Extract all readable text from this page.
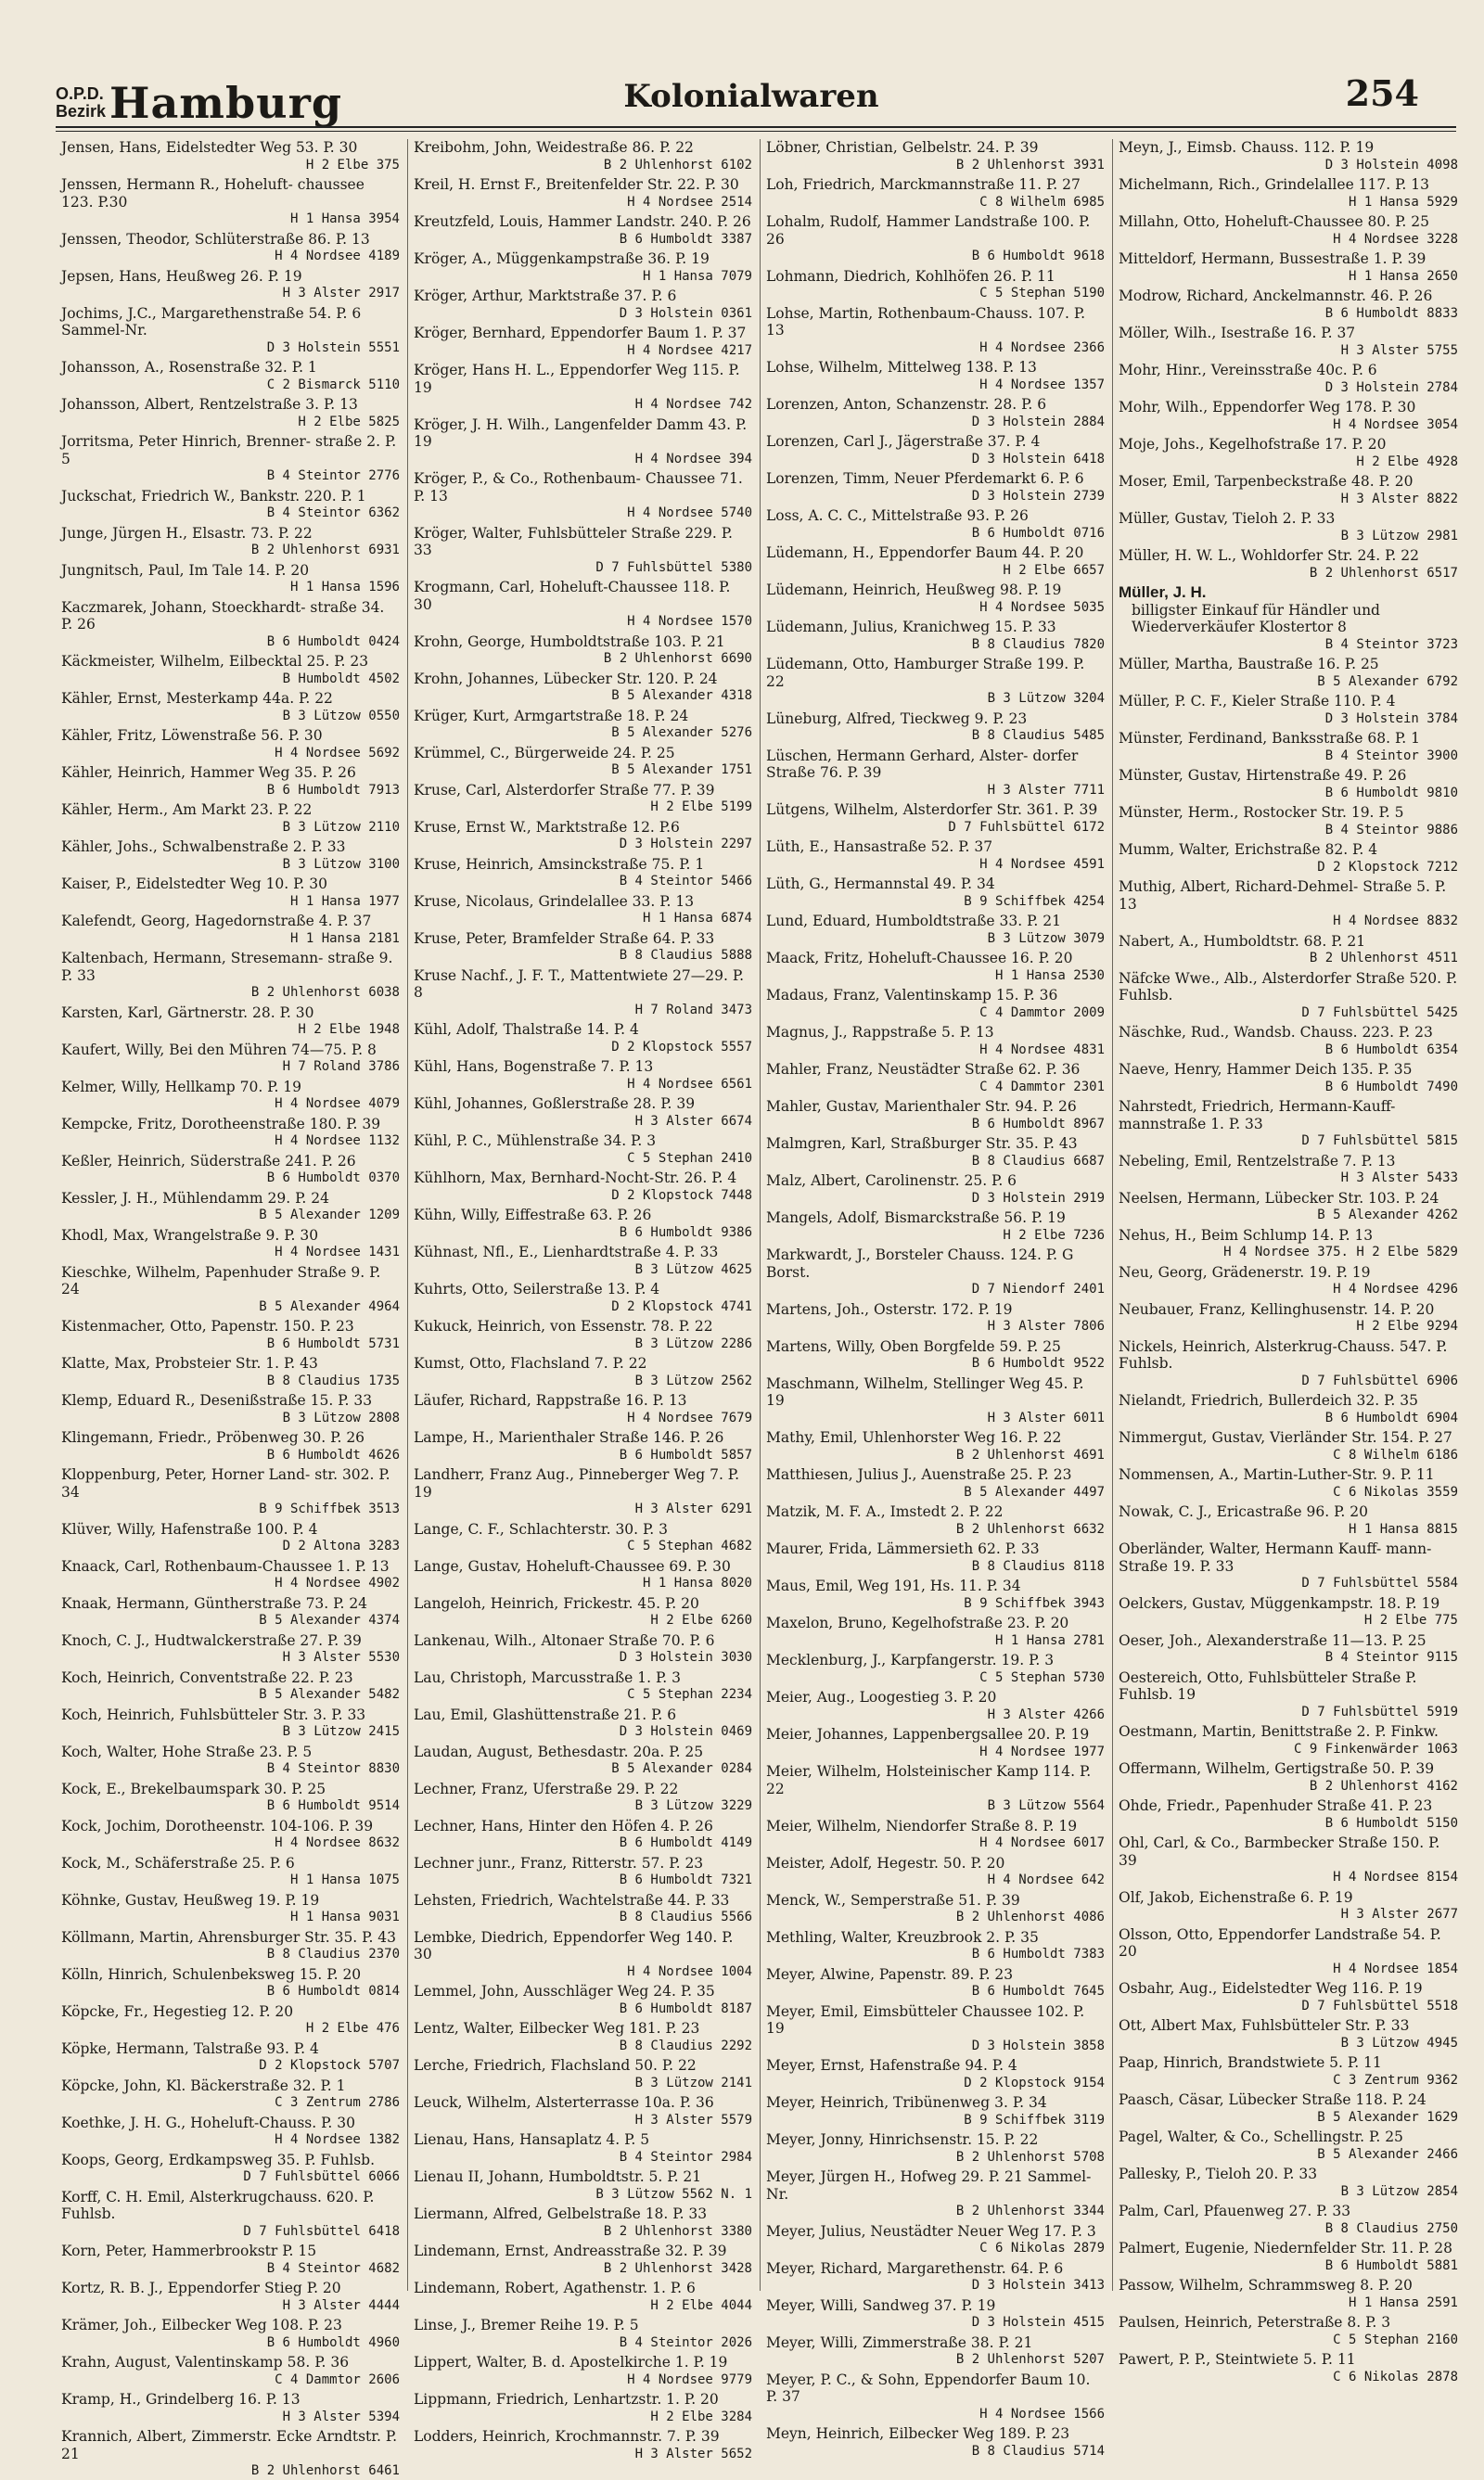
O.P.D.
Bezirk Hamburg	Kolonialwaren	254
Jensen, Hans, Eidelstedter Weg 53. P. 30
H 2 Elbe 375
Jenssen, Hermann R., Hoheluft- chaussee 123. P.30
H 1 Hansa 3954
Jenssen, Theodor, Schlüterstraße 86. P. 13
H 4 Nordsee 4189
Jepsen, Hans, Heußweg 26. P. 19
H 3 Alster 2917
Jochims, J.C., Margarethenstraße 54. P. 6 Sammel-Nr.
D 3 Holstein 5551
Johansson, A., Rosenstraße 32. P. 1
C 2 Bismarck 5110
Johansson, Albert, Rentzelstraße 3. P. 13
H 2 Elbe 5825
Jorritsma, Peter Hinrich, Brenner- straße 2. P. 5
B 4 Steintor 2776
Juckschat, Friedrich W., Bankstr. 220. P. 1
B 4 Steintor 6362
Junge, Jürgen H., Elsastr. 73. P. 22
B 2 Uhlenhorst 6931
Jungnitsch, Paul, Im Tale 14. P. 20
H 1 Hansa 1596
Kaczmarek, Johann, Stoeckhardt- straße 34. P. 26
B 6 Humboldt 0424
Käckmeister, Wilhelm, Eilbecktal 25. P. 23
B Humboldt 4502
Kähler, Ernst, Mesterkamp 44a. P. 22
B 3 Lützow 0550
Kähler, Fritz, Löwenstraße 56. P. 30
H 4 Nordsee 5692
Kähler, Heinrich, Hammer Weg 35. P. 26
B 6 Humboldt 7913
Kähler, Herm., Am Markt 23. P. 22
B 3 Lützow 2110
Kähler, Johs., Schwalbenstraße 2. P. 33
B 3 Lützow 3100
Kaiser, P., Eidelstedter Weg 10. P. 30
H 1 Hansa 1977
Kalefendt, Georg, Hagedornstraße 4. P. 37
H 1 Hansa 2181
Kaltenbach, Hermann, Stresemann- straße 9. P. 33
B 2 Uhlenhorst 6038
Karsten, Karl, Gärtnerstr. 28. P. 30
H 2 Elbe 1948
Kaufert, Willy, Bei den Mühren 74—75. P. 8
H 7 Roland 3786
Kelmer, Willy, Hellkamp 70. P. 19
H 4 Nordsee 4079
Kempcke, Fritz, Dorotheenstraße 180. P. 39
H 4 Nordsee 1132
Keßler, Heinrich, Süderstraße 241. P. 26
B 6 Humboldt 0370
Kessler, J. H., Mühlendamm 29. P. 24
B 5 Alexander 1209
Khodl, Max, Wrangelstraße 9. P. 30
H 4 Nordsee 1431
Kieschke, Wilhelm, Papenhuder Straße 9. P. 24
B 5 Alexander 4964
Kistenmacher, Otto, Papenstr. 150. P. 23
B 6 Humboldt 5731
Klatte, Max, Probsteier Str. 1. P. 43
B 8 Claudius 1735
Klemp, Eduard R., Desenißstraße 15. P. 33
B 3 Lützow 2808
Klingemann, Friedr., Pröbenweg 30. P. 26
B 6 Humboldt 4626
Kloppenburg, Peter, Horner Land- str. 302. P. 34
B 9 Schiffbek 3513
Klüver, Willy, Hafenstraße 100. P. 4
D 2 Altona 3283
Knaack, Carl, Rothenbaum-Chaussee 1. P. 13
H 4 Nordsee 4902
Knaak, Hermann, Güntherstraße 73. P. 24
B 5 Alexander 4374
Knoch, C. J., Hudtwalckerstraße 27. P. 39
H 3 Alster 5530
Koch, Heinrich, Conventstraße 22. P. 23
B 5 Alexander 5482
Koch, Heinrich, Fuhlsbütteler Str. 3. P. 33
B 3 Lützow 2415
Koch, Walter, Hohe Straße 23. P. 5
B 4 Steintor 8830
Kock, E., Brekelbaumspark 30. P. 25
B 6 Humboldt 9514
Kock, Jochim, Dorotheenstr. 104-106. P. 39
H 4 Nordsee 8632
Kock, M., Schäferstraße 25. P. 6
H 1 Hansa 1075
Köhnke, Gustav, Heußweg 19. P. 19
H 1 Hansa 9031
Köllmann, Martin, Ahrensburger Str. 35. P. 43
B 8 Claudius 2370
Kölln, Hinrich, Schulenbeksweg 15. P. 20
B 6 Humboldt 0814
Köpcke, Fr., Hegestieg 12. P. 20
H 2 Elbe 476
Köpke, Hermann, Talstraße 93. P. 4
D 2 Klopstock 5707
Köpcke, John, Kl. Bäckerstraße 32. P. 1
C 3 Zentrum 2786
Koethke, J. H. G., Hoheluft-Chauss. P. 30
H 4 Nordsee 1382
Koops, Georg, Erdkampsweg 35. P. Fuhlsb.
D 7 Fuhlsbüttel 6066
Korff, C. H. Emil, Alsterkrugchauss. 620. P. Fuhlsb.
D 7 Fuhlsbüttel 6418
Korn, Peter, Hammerbrookstr P. 15
B 4 Steintor 4682
Kortz, R. B. J., Eppendorfer Stieg P. 20
H 3 Alster 4444
Krämer, Joh., Eilbecker Weg 108. P. 23
B 6 Humboldt 4960
Krahn, August, Valentinskamp 58. P. 36
C 4 Dammtor 2606
Kramp, H., Grindelberg 16. P. 13
H 3 Alster 5394
Krannich, Albert, Zimmerstr. Ecke Arndtstr. P. 21
B 2 Uhlenhorst 6461
Kreibohm, John, Weidestraße 86. P. 22
B 2 Uhlenhorst 6102
Kreil, H. Ernst F., Breitenfelder Str. 22. P. 30
H 4 Nordsee 2514
Kreutzfeld, Louis, Hammer Landstr. 240. P. 26
B 6 Humboldt 3387
Kröger, A., Müggenkampstraße 36. P. 19
H 1 Hansa 7079
Kröger, Arthur, Marktstraße 37. P. 6
D 3 Holstein 0361
Kröger, Bernhard, Eppendorfer Baum 1. P. 37
H 4 Nordsee 4217
Kröger, Hans H. L., Eppendorfer Weg 115. P. 19
H 4 Nordsee 742
Kröger, J. H. Wilh., Langenfelder Damm 43. P. 19
H 4 Nordsee 394
Kröger, P., & Co., Rothenbaum- Chaussee 71. P. 13
H 4 Nordsee 5740
Kröger, Walter, Fuhlsbütteler Straße 229. P. 33
D 7 Fuhlsbüttel 5380
Krogmann, Carl, Hoheluft-Chaussee 118. P. 30
H 4 Nordsee 1570
Krohn, George, Humboldtstraße 103. P. 21
B 2 Uhlenhorst 6690
Krohn, Johannes, Lübecker Str. 120. P. 24
B 5 Alexander 4318
Krüger, Kurt, Armgartstraße 18. P. 24
B 5 Alexander 5276
Krümmel, C., Bürgerweide 24. P. 25
B 5 Alexander 1751
Kruse, Carl, Alsterdorfer Straße 77. P. 39
H 2 Elbe 5199
Kruse, Ernst W., Marktstraße 12. P.6
D 3 Holstein 2297
Kruse, Heinrich, Amsinckstraße 75. P. 1
B 4 Steintor 5466
Kruse, Nicolaus, Grindelallee 33. P. 13
H 1 Hansa 6874
Kruse, Peter, Bramfelder Straße 64. P. 33
B 8 Claudius 5888
Kruse Nachf., J. F. T., Mattentwiete 27—29. P. 8
H 7 Roland 3473
Kühl, Adolf, Thalstraße 14. P. 4
D 2 Klopstock 5557
Kühl, Hans, Bogenstraße 7. P. 13
H 4 Nordsee 6561
Kühl, Johannes, Goßlerstraße 28. P. 39
H 3 Alster 6674
Kühl, P. C., Mühlenstraße 34. P. 3
C 5 Stephan 2410
Kühlhorn, Max, Bernhard-Nocht-Str. 26. P. 4
D 2 Klopstock 7448
Kühn, Willy, Eiffestraße 63. P. 26
B 6 Humboldt 9386
Kühnast, Nfl., E., Lienhardtstraße 4. P. 33
B 3 Lützow 4625
Kuhrts, Otto, Seilerstraße 13. P. 4
D 2 Klopstock 4741
Kukuck, Heinrich, von Essenstr. 78. P. 22
B 3 Lützow 2286
Kumst, Otto, Flachsland 7. P. 22
B 3 Lützow 2562
Läufer, Richard, Rappstraße 16. P. 13
H 4 Nordsee 7679
Lampe, H., Marienthaler Straße 146. P. 26
B 6 Humboldt 5857
Landherr, Franz Aug., Pinneberger Weg 7. P. 19
H 3 Alster 6291
Lange, C. F., Schlachterstr. 30. P. 3
C 5 Stephan 4682
Lange, Gustav, Hoheluft-Chaussee 69. P. 30
H 1 Hansa 8020
Langeloh, Heinrich, Frickestr. 45. P. 20
H 2 Elbe 6260
Lankenau, Wilh., Altonaer Straße 70. P. 6
D 3 Holstein 3030
Lau, Christoph, Marcusstraße 1. P. 3
C 5 Stephan 2234
Lau, Emil, Glashüttenstraße 21. P. 6
D 3 Holstein 0469
Laudan, August, Bethesdastr. 20a. P. 25
B 5 Alexander 0284
Lechner, Franz, Uferstraße 29. P. 22
B 3 Lützow 3229
Lechner, Hans, Hinter den Höfen 4. P. 26
B 6 Humboldt 4149
Lechner junr., Franz, Ritterstr. 57. P. 23
B 6 Humboldt 7321
Lehsten, Friedrich, Wachtelstraße 44. P. 33
B 8 Claudius 5566
Lembke, Diedrich, Eppendorfer Weg 140. P. 30
H 4 Nordsee 1004
Lemmel, John, Ausschläger Weg 24. P. 35
B 6 Humboldt 8187
Lentz, Walter, Eilbecker Weg 181. P. 23
B 8 Claudius 2292
Lerche, Friedrich, Flachsland 50. P. 22
B 3 Lützow 2141
Leuck, Wilhelm, Alsterterrasse 10a. P. 36
H 3 Alster 5579
Lienau, Hans, Hansaplatz 4. P. 5
B 4 Steintor 2984
Lienau II, Johann, Humboldtstr. 5. P. 21
B 3 Lützow 5562 N. 1
Liermann, Alfred, Gelbelstraße 18. P. 33
B 2 Uhlenhorst 3380
Lindemann, Ernst, Andreasstraße 32. P. 39
B 2 Uhlenhorst 3428
Lindemann, Robert, Agathenstr. 1. P. 6
H 2 Elbe 4044
Linse, J., Bremer Reihe 19. P. 5
B 4 Steintor 2026
Lippert, Walter, B. d. Apostelkirche 1. P. 19
H 4 Nordsee 9779
Lippmann, Friedrich, Lenhartzstr. 1. P. 20
H 2 Elbe 3284
Lodders, Heinrich, Krochmannstr. 7. P. 39
H 3 Alster 5652
Löbner, Christian, Gelbelstr. 24. P. 39
B 2 Uhlenhorst 3931
Loh, Friedrich, Marckmannstraße 11. P. 27
C 8 Wilhelm 6985
Lohalm, Rudolf, Hammer Landstraße 100. P. 26
B 6 Humboldt 9618
Lohmann, Diedrich, Kohlhöfen 26. P. 11
C 5 Stephan 5190
Lohse, Martin, Rothenbaum-Chauss. 107. P. 13
H 4 Nordsee 2366
Lohse, Wilhelm, Mittelweg 138. P. 13
H 4 Nordsee 1357
Lorenzen, Anton, Schanzenstr. 28. P. 6
D 3 Holstein 2884
Lorenzen, Carl J., Jägerstraße 37. P. 4
D 3 Holstein 6418
Lorenzen, Timm, Neuer Pferdemarkt 6. P. 6
D 3 Holstein 2739
Loss, A. C. C., Mittelstraße 93. P. 26
B 6 Humboldt 0716
Lüdemann, H., Eppendorfer Baum 44. P. 20
H 2 Elbe 6657
Lüdemann, Heinrich, Heußweg 98. P. 19
H 4 Nordsee 5035
Lüdemann, Julius, Kranichweg 15. P. 33
B 8 Claudius 7820
Lüdemann, Otto, Hamburger Straße 199. P. 22
B 3 Lützow 3204
Lüneburg, Alfred, Tieckweg 9. P. 23
B 8 Claudius 5485
Lüschen, Hermann Gerhard, Alster- dorfer Straße 76. P. 39
H 3 Alster 7711
Lütgens, Wilhelm, Alsterdorfer Str. 361. P. 39
D 7 Fuhlsbüttel 6172
Lüth, E., Hansastraße 52. P. 37
H 4 Nordsee 4591
Lüth, G., Hermannstal 49. P. 34
B 9 Schiffbek 4254
Lund, Eduard, Humboldtstraße 33. P. 21
B 3 Lützow 3079
Maack, Fritz, Hoheluft-Chaussee 16. P. 20
H 1 Hansa 2530
Madaus, Franz, Valentinskamp 15. P. 36
C 4 Dammtor 2009
Magnus, J., Rappstraße 5. P. 13
H 4 Nordsee 4831
Mahler, Franz, Neustädter Straße 62. P. 36
C 4 Dammtor 2301
Mahler, Gustav, Marienthaler Str. 94. P. 26
B 6 Humboldt 8967
Malmgren, Karl, Straßburger Str. 35. P. 43
B 8 Claudius 6687
Malz, Albert, Carolinenstr. 25. P. 6
D 3 Holstein 2919
Mangels, Adolf, Bismarckstraße 56. P. 19
H 2 Elbe 7236
Markwardt, J., Borsteler Chauss. 124. P. G Borst.
D 7 Niendorf 2401
Martens, Joh., Osterstr. 172. P. 19
H 3 Alster 7806
Martens, Willy, Oben Borgfelde 59. P. 25
B 6 Humboldt 9522
Maschmann, Wilhelm, Stellinger Weg 45. P. 19
H 3 Alster 6011
Mathy, Emil, Uhlenhorster Weg 16. P. 22
B 2 Uhlenhorst 4691
Matthiesen, Julius J., Auenstraße 25. P. 23
B 5 Alexander 4497
Matzik, M. F. A., Imstedt 2. P. 22
B 2 Uhlenhorst 6632
Maurer, Frida, Lämmersieth 62. P. 33
B 8 Claudius 8118
Maus, Emil, Weg 191, Hs. 11. P. 34
B 9 Schiffbek 3943
Maxelon, Bruno, Kegelhofstraße 23. P. 20
H 1 Hansa 2781
Mecklenburg, J., Karpfangerstr. 19. P. 3
C 5 Stephan 5730
Meier, Aug., Loogestieg 3. P. 20
H 3 Alster 4266
Meier, Johannes, Lappenbergsallee 20. P. 19
H 4 Nordsee 1977
Meier, Wilhelm, Holsteinischer Kamp 114. P. 22
B 3 Lützow 5564
Meier, Wilhelm, Niendorfer Straße 8. P. 19
H 4 Nordsee 6017
Meister, Adolf, Hegestr. 50. P. 20
H 4 Nordsee 642
Menck, W., Semperstraße 51. P. 39
B 2 Uhlenhorst 4086
Methling, Walter, Kreuzbrook 2. P. 35
B 6 Humboldt 7383
Meyer, Alwine, Papenstr. 89. P. 23
B 6 Humboldt 7645
Meyer, Emil, Eimsbütteler Chaussee 102. P. 19
D 3 Holstein 3858
Meyer, Ernst, Hafenstraße 94. P. 4
D 2 Klopstock 9154
Meyer, Heinrich, Tribünenweg 3. P. 34
B 9 Schiffbek 3119
Meyer, Jonny, Hinrichsenstr. 15. P. 22
B 2 Uhlenhorst 5708
Meyer, Jürgen H., Hofweg 29. P. 21 Sammel-Nr.
B 2 Uhlenhorst 3344
Meyer, Julius, Neustädter Neuer Weg 17. P. 3
C 6 Nikolas 2879
Meyer, Richard, Margarethenstr. 64. P. 6
D 3 Holstein 3413
Meyer, Willi, Sandweg 37. P. 19
D 3 Holstein 4515
Meyer, Willi, Zimmerstraße 38. P. 21
B 2 Uhlenhorst 5207
Meyer, P. C., & Sohn, Eppendorfer Baum 10. P. 37
H 4 Nordsee 1566
Meyn, Heinrich, Eilbecker Weg 189. P. 23
B 8 Claudius 5714
Meyn, J., Eimsb. Chauss. 112. P. 19
D 3 Holstein 4098
Michelmann, Rich., Grindelallee 117. P. 13
H 1 Hansa 5929
Millahn, Otto, Hoheluft-Chaussee 80. P. 25
H 4 Nordsee 3228
Mitteldorf, Hermann, Bussestraße 1. P. 39
H 1 Hansa 2650
Modrow, Richard, Anckelmannstr. 46. P. 26
B 6 Humboldt 8833
Möller, Wilh., Isestraße 16. P. 37
H 3 Alster 5755
Mohr, Hinr., Vereinsstraße 40c. P. 6
D 3 Holstein 2784
Mohr, Wilh., Eppendorfer Weg 178. P. 30
H 4 Nordsee 3054
Moje, Johs., Kegelhofstraße 17. P. 20
H 2 Elbe 4928
Moser, Emil, Tarpenbeckstraße 48. P. 20
H 3 Alster 8822
Müller, Gustav, Tieloh 2. P. 33
B 3 Lützow 2981
Müller, H. W. L., Wohldorfer Str. 24. P. 22
B 2 Uhlenhorst 6517
Müller, J. H.
billigster Einkauf für Händler und Wiederverkäufer Klostertor 8
B 4 Steintor 3723
Müller, Martha, Baustraße 16. P. 25
B 5 Alexander 6792
Müller, P. C. F., Kieler Straße 110. P. 4
D 3 Holstein 3784
Münster, Ferdinand, Banksstraße 68. P. 1
B 4 Steintor 3900
Münster, Gustav, Hirtenstraße 49. P. 26
B 6 Humboldt 9810
Münster, Herm., Rostocker Str. 19. P. 5
B 4 Steintor 9886
Mumm, Walter, Erichstraße 82. P. 4
D 2 Klopstock 7212
Muthig, Albert, Richard-Dehmel- Straße 5. P. 13
H 4 Nordsee 8832
Nabert, A., Humboldtstr. 68. P. 21
B 2 Uhlenhorst 4511
Näfcke Wwe., Alb., Alsterdorfer Straße 520. P. Fuhlsb.
D 7 Fuhlsbüttel 5425
Näschke, Rud., Wandsb. Chauss. 223. P. 23
B 6 Humboldt 6354
Naeve, Henry, Hammer Deich 135. P. 35
B 6 Humboldt 7490
Nahrstedt, Friedrich, Hermann-Kauff- mannstraße 1. P. 33
D 7 Fuhlsbüttel 5815
Nebeling, Emil, Rentzelstraße 7. P. 13
H 3 Alster 5433
Neelsen, Hermann, Lübecker Str. 103. P. 24
B 5 Alexander 4262
Nehus, H., Beim Schlump 14. P. 13
H 4 Nordsee 375. H 2 Elbe 5829
Neu, Georg, Grädenerstr. 19. P. 19
H 4 Nordsee 4296
Neubauer, Franz, Kellinghusenstr. 14. P. 20
H 2 Elbe 9294
Nickels, Heinrich, Alsterkrug-Chauss. 547. P. Fuhlsb.
D 7 Fuhlsbüttel 6906
Nielandt, Friedrich, Bullerdeich 32. P. 35
B 6 Humboldt 6904
Nimmergut, Gustav, Vierländer Str. 154. P. 27
C 8 Wilhelm 6186
Nommensen, A., Martin-Luther-Str. 9. P. 11
C 6 Nikolas 3559
Nowak, C. J., Ericastraße 96. P. 20
H 1 Hansa 8815
Oberländer, Walter, Hermann Kauff- mann-Straße 19. P. 33
D 7 Fuhlsbüttel 5584
Oelckers, Gustav, Müggenkampstr. 18. P. 19
H 2 Elbe 775
Oeser, Joh., Alexanderstraße 11—13. P. 25
B 4 Steintor 9115
Oestereich, Otto, Fuhlsbütteler Straße P. Fuhlsb. 19
D 7 Fuhlsbüttel 5919
Oestmann, Martin, Benittstraße 2. P. Finkw.
C 9 Finkenwärder 1063
Offermann, Wilhelm, Gertigstraße 50. P. 39
B 2 Uhlenhorst 4162
Ohde, Friedr., Papenhuder Straße 41. P. 23
B 6 Humboldt 5150
Ohl, Carl, & Co., Barmbecker Straße 150. P. 39
H 4 Nordsee 8154
Olf, Jakob, Eichenstraße 6. P. 19
H 3 Alster 2677
Olsson, Otto, Eppendorfer Landstraße 54. P. 20
H 4 Nordsee 1854
Osbahr, Aug., Eidelstedter Weg 116. P. 19
D 7 Fuhlsbüttel 5518
Ott, Albert Max, Fuhlsbütteler Str. P. 33
B 3 Lützow 4945
Paap, Hinrich, Brandstwiete 5. P. 11
C 3 Zentrum 9362
Paasch, Cäsar, Lübecker Straße 118. P. 24
B 5 Alexander 1629
Pagel, Walter, & Co., Schellingstr. P. 25
B 5 Alexander 2466
Pallesky, P., Tieloh 20. P. 33
B 3 Lützow 2854
Palm, Carl, Pfauenweg 27. P. 33
B 8 Claudius 2750
Palmert, Eugenie, Niedernfelder Str. 11. P. 28
B 6 Humboldt 5881
Passow, Wilhelm, Schrammsweg 8. P. 20
H 1 Hansa 2591
Paulsen, Heinrich, Peterstraße 8. P. 3
C 5 Stephan 2160
Pawert, P. P., Steintwiete 5. P. 11
C 6 Nikolas 2878
